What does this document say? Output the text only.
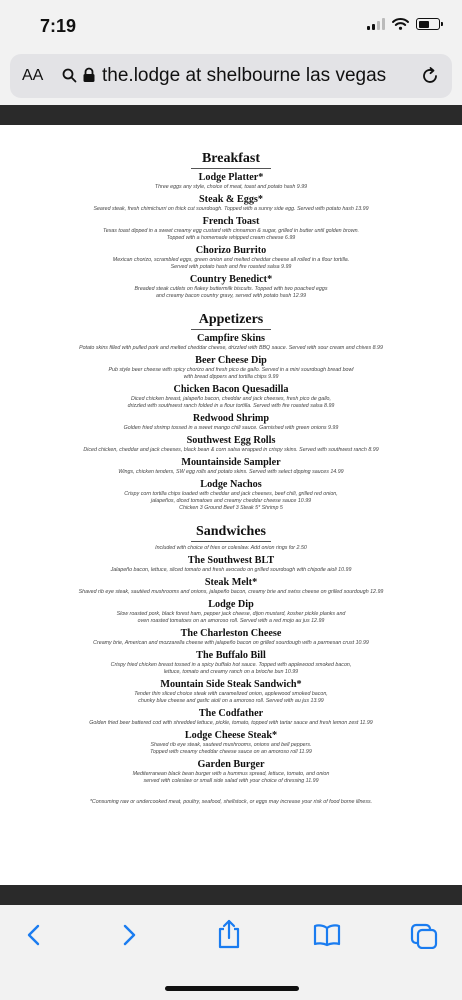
7:19
AA	the.lodge at shelbourne las vegas
Breakfast
Lodge Platter*
Three eggs any style, choice of meat, toast and potato hash 9.99
Steak & Eggs*
Seared steak, fresh chimichurri on thick cut sourdough. Topped with a sunny side egg. Served with potato hash 13.99
French Toast
Texas toast dipped in a sweet creamy egg custard with cinnamon & sugar, grilled in butter until golden brown.
Topped with a homemade whipped cream cheese 6.99
Chorizo Burrito
Mexican chorizo, scrambled eggs, green onion and melted cheddar cheese all rolled in a flour tortilla.
Served with potato hash and fire roasted salsa 9.99
Country Benedict*
Breaded steak cutlets on flakey buttermilk biscuits. Topped with two poached eggs
and creamy bacon country gravy, served with potato hash 12.99
Appetizers
Campfire Skins
Potato skins filled with pulled pork and melted cheddar cheese, drizzled with BBQ sauce. Served with sour cream and chives 8.99
Beer Cheese Dip
Pub style beer cheese with spicy chorizo and fresh pico de gallo. Served in a mini sourdough bread bowl
with bread dippers and tortilla chips 9.99
Chicken Bacon Quesadilla
Diced chicken breast, jalapeño bacon, cheddar and jack cheeses, fresh pico de gallo,
drizzled with southwest ranch folded in a flour tortilla. Served with fire roasted salsa 8.99
Redwood Shrimp
Golden fried shrimp tossed in a sweet mango chili sauce. Garnished with green onions 9.99
Southwest Egg Rolls
Diced chicken, cheddar and jack cheeses, black bean & corn salsa wrapped in crispy skins. Served with southwest ranch 8.99
Mountainside Sampler
Wings, chicken tenders, SW egg rolls and potato skins. Served with select dipping sauces 14.99
Lodge Nachos
Crispy corn tortilla chips loaded with cheddar and jack cheeses, beef chili, grilled red onion,
jalapeños, diced tomatoes and creamy cheddar cheese sauce 10.99
Chicken 3 Ground Beef 3 Steak 5* Shrimp 5
Sandwiches
Included with choice of fries or coleslaw. Add onion rings for 2.50
The Southwest BLT
Jalapeño bacon, lettuce, sliced tomato and fresh avocado on grilled sourdough with chipotle aioli 10.99
Steak Melt*
Shaved rib eye steak, sautéed mushrooms and onions, jalapeño bacon, creamy brie and swiss cheese on grilled sourdough 12.99
Lodge Dip
Slow roasted pork, black forest ham, pepper jack cheese, dijon mustard, kosher pickle planks and
oven roasted tomatoes on an amoroso roll. Served with a red mojo au jus 12.99
The Charleston Cheese
Creamy brie, American and mozzarella cheese with jalapeño bacon on grilled sourdough with a parmesan crust 10.99
The Buffalo Bill
Crispy fried chicken breast tossed in a spicy buffalo hot sauce. Topped with applewood smoked bacon,
lettuce, tomato and creamy ranch on a brioche bun 10.99
Mountain Side Steak Sandwich*
Tender thin sliced choice steak with caramelized onion, applewood smoked bacon,
chunky blue cheese and garlic aioli on a amoroso roll. Served with au jus 13.99
The Codfather
Golden fried beer battered cod with shredded lettuce, pickle, tomato, topped with tartar sauce and fresh lemon zest 11.99
Lodge Cheese Steak*
Shaved rib eye steak, sauteed mushrooms, onions and bell peppers.
Topped with creamy cheddar cheese sauce on an amoroso roll 11.99
Garden Burger
Mediterranean black bean burger with a hummus spread, lettuce, tomato, and onion
served with coleslaw or small side salad with your choice of dressing 11.99
*Consuming raw or undercooked meat, poultry, seafood, shellstock, or eggs may increase your risk of food borne illness.
